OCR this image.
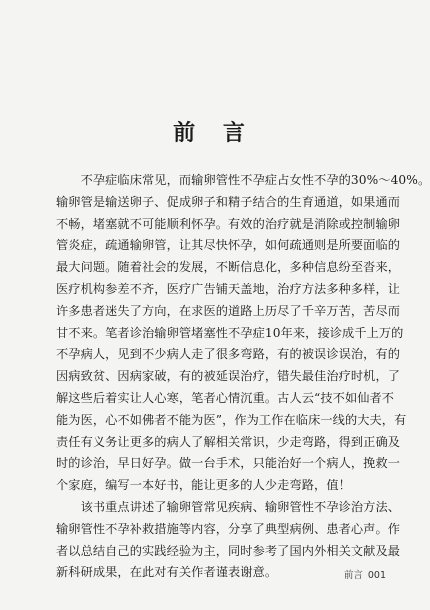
前 言
　　不孕症临床常见，而输卵管性不孕症占女性不孕的30%～40%。
输卵管是输送卵子、促成卵子和精子结合的生育通道，如果通而
不畅，堵塞就不可能顺利怀孕。有效的治疗就是消除或控制输卵
管炎症，疏通输卵管，让其尽快怀孕，如何疏通则是所要面临的
最大问题。随着社会的发展，不断信息化，多种信息纷至沓来，
医疗机构参差不齐，医疗广告铺天盖地，治疗方法多种多样，让
许多患者迷失了方向，在求医的道路上历尽了千辛万苦，苦尽而
甘不来。笔者诊治输卵管堵塞性不孕症10年来，接诊成千上万的
不孕病人，见到不少病人走了很多弯路，有的被误诊误治，有的
因病致贫、因病家破，有的被延误治疗，错失最佳治疗时机，了
解这些后着实让人心寒，笔者心情沉重。古人云“技不如仙者不
能为医，心不如佛者不能为医”，作为工作在临床一线的大夫，有
责任有义务让更多的病人了解相关常识，少走弯路，得到正确及
时的诊治，早日好孕。做一台手术，只能治好一个病人，挽救一
个家庭，编写一本好书，能让更多的人少走弯路，值！
　　该书重点讲述了输卵管常见疾病、输卵管性不孕诊治方法、
输卵管性不孕补救措施等内容，分享了典型病例、患者心声。作
者以总结自己的实践经验为主，同时参考了国内外相关文献及最
新科研成果，在此对有关作者谨表谢意。	前言 001
